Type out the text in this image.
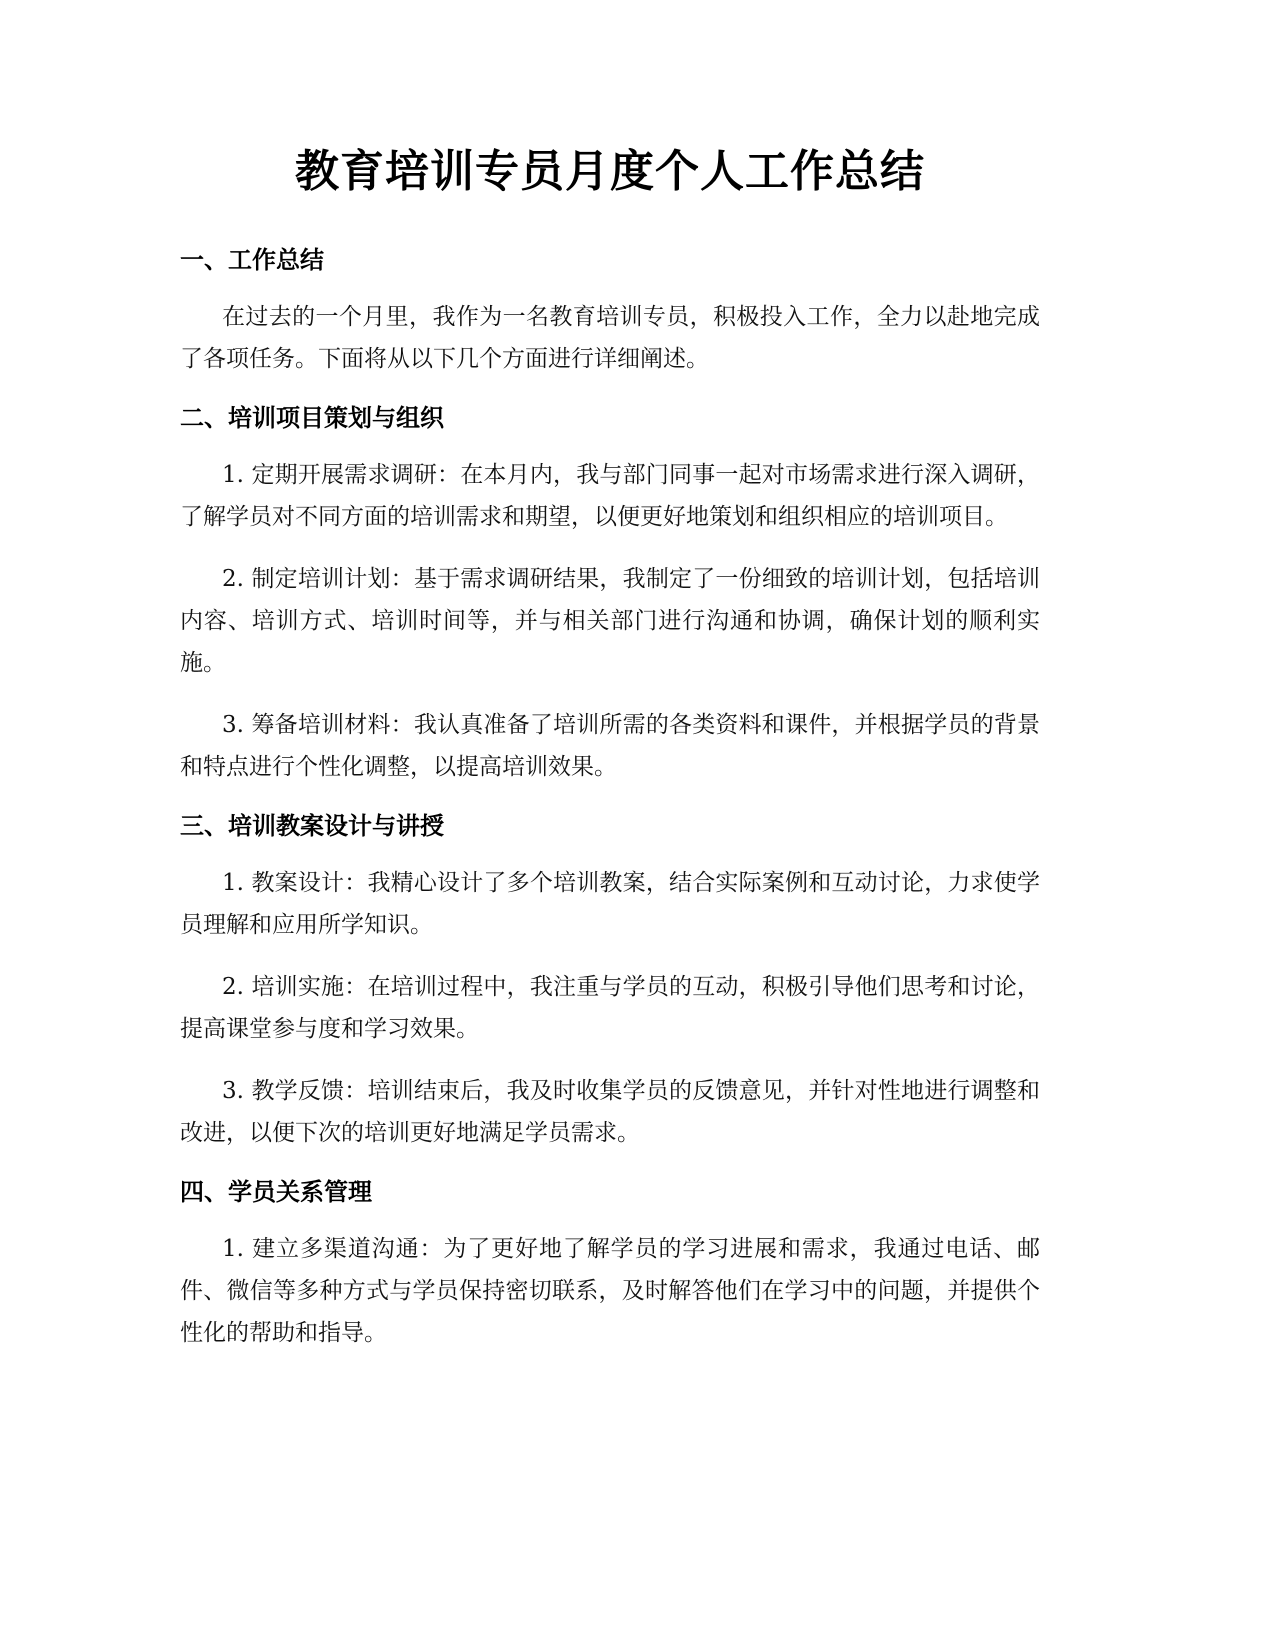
教育培训专员月度个人工作总结
一、工作总结

在过去的一个月里，我作为一名教育培训专员，积极投入工作，全力以赴地完成了各项任务。下面将从以下几个方面进行详细阐述。

二、培训项目策划与组织

1. 定期开展需求调研：在本月内，我与部门同事一起对市场需求进行深入调研，了解学员对不同方面的培训需求和期望，以便更好地策划和组织相应的培训项目。

2. 制定培训计划：基于需求调研结果，我制定了一份细致的培训计划，包括培训内容、培训方式、培训时间等，并与相关部门进行沟通和协调，确保计划的顺利实施。

3. 筹备培训材料：我认真准备了培训所需的各类资料和课件，并根据学员的背景和特点进行个性化调整，以提高培训效果。

三、培训教案设计与讲授

1. 教案设计：我精心设计了多个培训教案，结合实际案例和互动讨论，力求使学员理解和应用所学知识。

2. 培训实施：在培训过程中，我注重与学员的互动，积极引导他们思考和讨论，提高课堂参与度和学习效果。

3. 教学反馈：培训结束后，我及时收集学员的反馈意见，并针对性地进行调整和改进，以便下次的培训更好地满足学员需求。

四、学员关系管理

1. 建立多渠道沟通：为了更好地了解学员的学习进展和需求，我通过电话、邮件、微信等多种方式与学员保持密切联系，及时解答他们在学习中的问题，并提供个性化的帮助和指导。
